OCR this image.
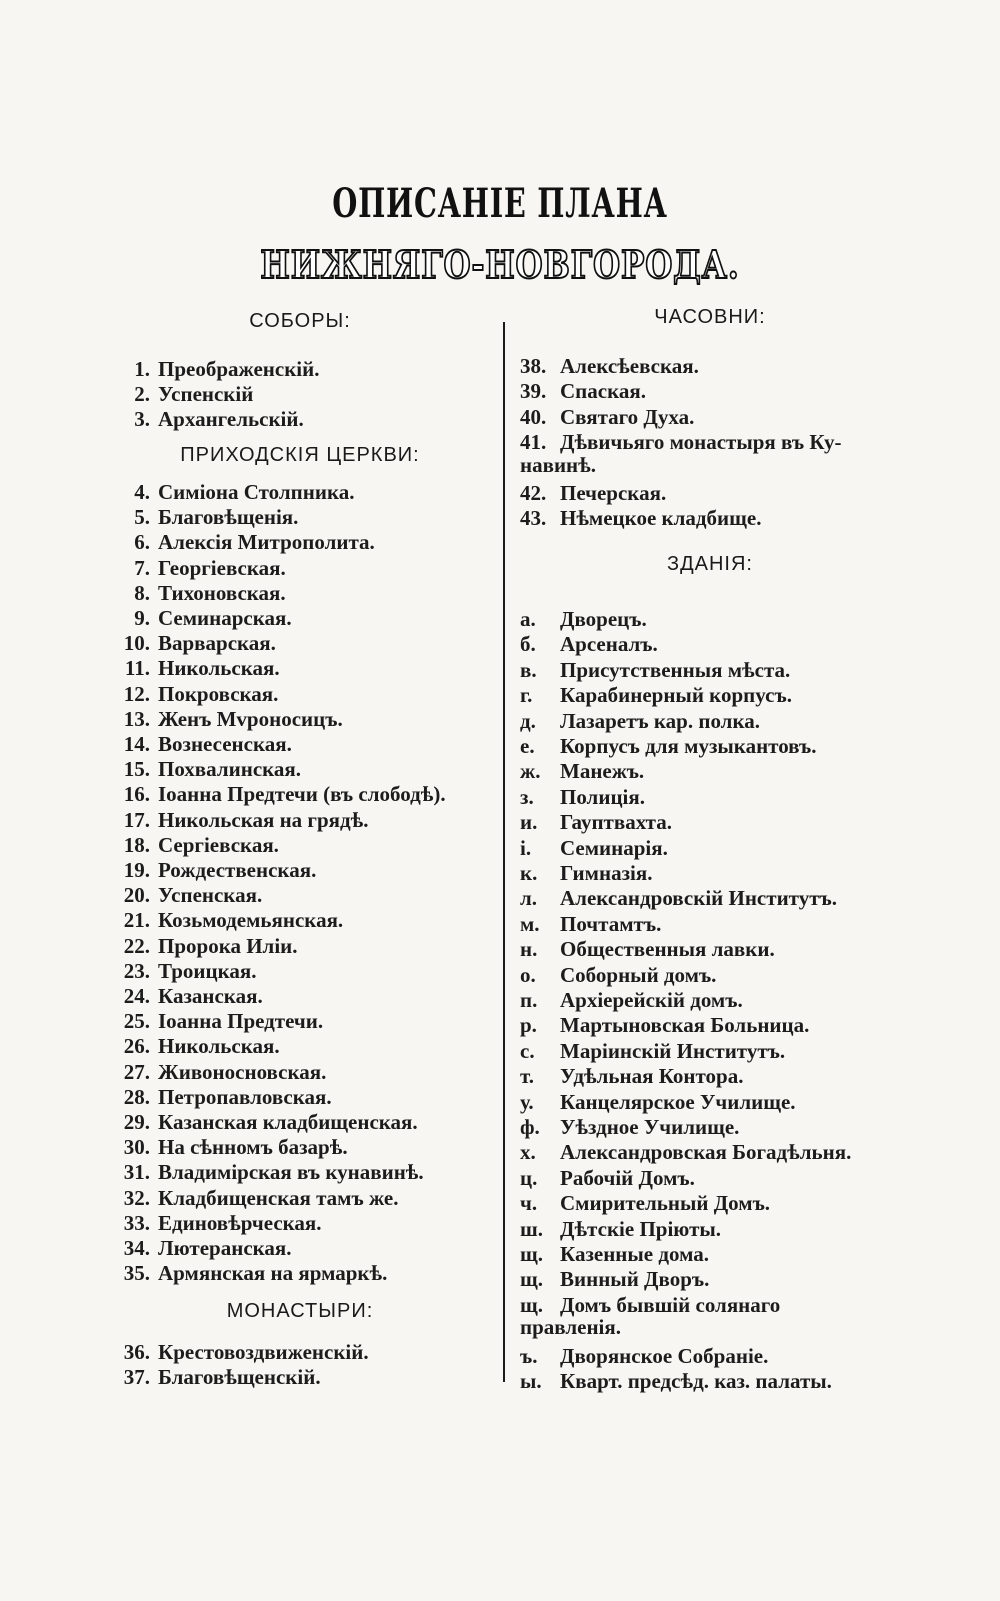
ОПИСАНІЕ ПЛАНА
НИЖНЯГО-НОВГОРОДА.
СОБОРЫ:
1. Преображенскій.
2. Успенскій
3. Архангельскій.
ПРИХОДСКІЯ ЦЕРКВИ:
4. Симіона Столпника.
5. Благовѣщенія.
6. Алексія Митрополита.
7. Георгіевская.
8. Тихоновская.
9. Семинарская.
10. Варварская.
11. Никольская.
12. Покровская.
13. Женъ Мvроносицъ.
14. Вознесенская.
15. Похвалинская.
16. Іоанна Предтечи (въ слободѣ).
17. Никольская на грядѣ.
18. Сергіевская.
19. Рождественская.
20. Успенская.
21. Козьмодемьянская.
22. Пророка Иліи.
23. Троицкая.
24. Казанская.
25. Іоанна Предтечи.
26. Никольская.
27. Живоносновская.
28. Петропавловская.
29. Казанская кладбищенская.
30. На сѣнномъ базарѣ.
31. Владимірская въ кунавинѣ.
32. Кладбищенская тамъ же.
33. Единовѣрческая.
34. Лютеранская.
35. Армянская на ярмаркѣ.
МОНАСТЫРИ:
36. Крестовоздвиженскій.
37. Благовѣщенскій.
ЧАСОВНИ:
38. Алексѣевская.
39. Спаская.
40. Святаго Духа.
41. Дѣвичьяго монастыря въ Ку-
навинѣ.
42. Печерская.
43. Нѣмецкое кладбище.
ЗДАНІЯ:
а. Дворецъ.
б. Арсеналъ.
в. Присутственныя мѣста.
г. Карабинерный корпусъ.
д. Лазаретъ кар. полка.
е. Корпусъ для музыкантовъ.
ж. Манежъ.
з. Полиція.
и. Гауптвахта.
і. Семинарія.
к. Гимназія.
л. Александровскій Институтъ.
м. Почтамтъ.
н. Общественныя лавки.
о. Соборный домъ.
п. Архіерейскій домъ.
р. Мартыновская Больница.
с. Маріинскій Институтъ.
т. Удѣльная Контора.
у. Канцелярское Училище.
ф. Уѣздное Училище.
х. Александровская Богадѣльня.
ц. Рабочій Домъ.
ч. Смирительный Домъ.
ш. Дѣтскіе Пріюты.
щ. Казенные дома.
щ. Винный Дворъ.
щ. Домъ бывшій солянаго
правленія.
ъ. Дворянское Собраніе.
ы. Кварт. предсѣд. каз. палаты.
